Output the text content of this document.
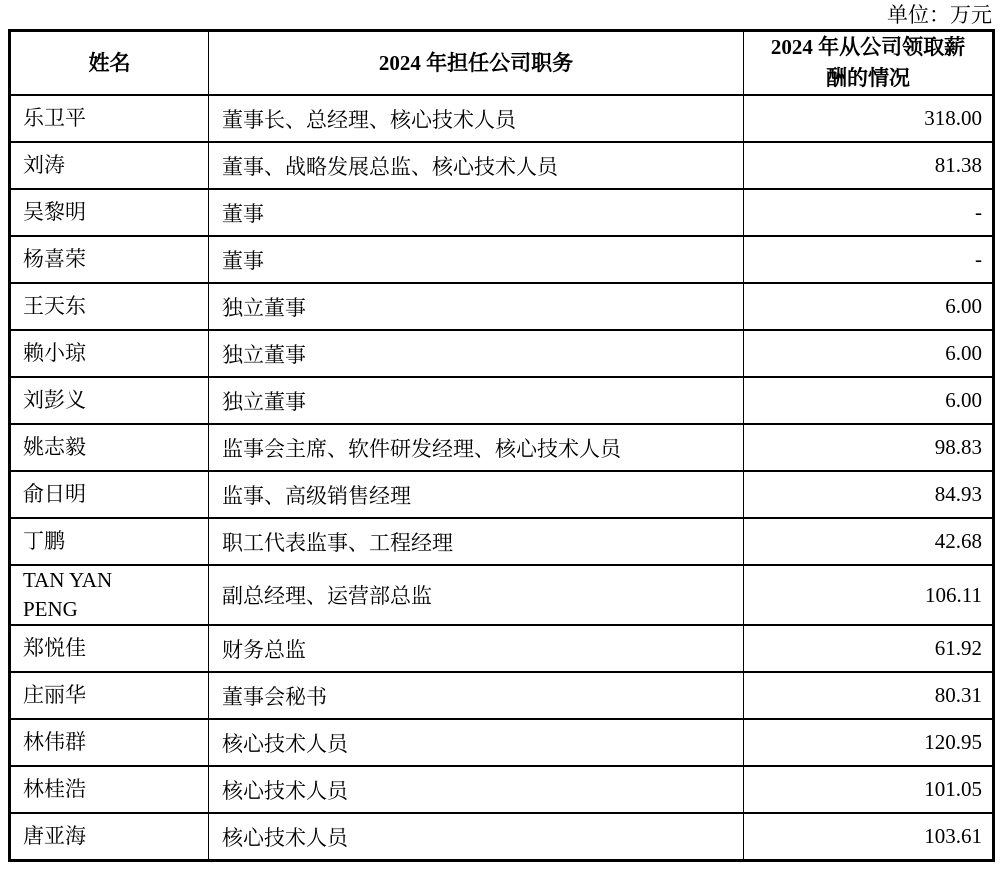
单位：万元
姓名	2024 年担任公司职务	2024 年从公司领取薪酬的情况
乐卫平	董事长、总经理、核心技术人员	318.00
刘涛	董事、战略发展总监、核心技术人员	81.38
吴黎明	董事	-
杨喜荣	董事	-
王天东	独立董事	6.00
赖小琼	独立董事	6.00
刘彭义	独立董事	6.00
姚志毅	监事会主席、软件研发经理、核心技术人员	98.83
俞日明	监事、高级销售经理	84.93
丁鹏	职工代表监事、工程经理	42.68
TAN YAN PENG	副总经理、运营部总监	106.11
郑悦佳	财务总监	61.92
庄丽华	董事会秘书	80.31
林伟群	核心技术人员	120.95
林桂浩	核心技术人员	101.05
唐亚海	核心技术人员	103.61
